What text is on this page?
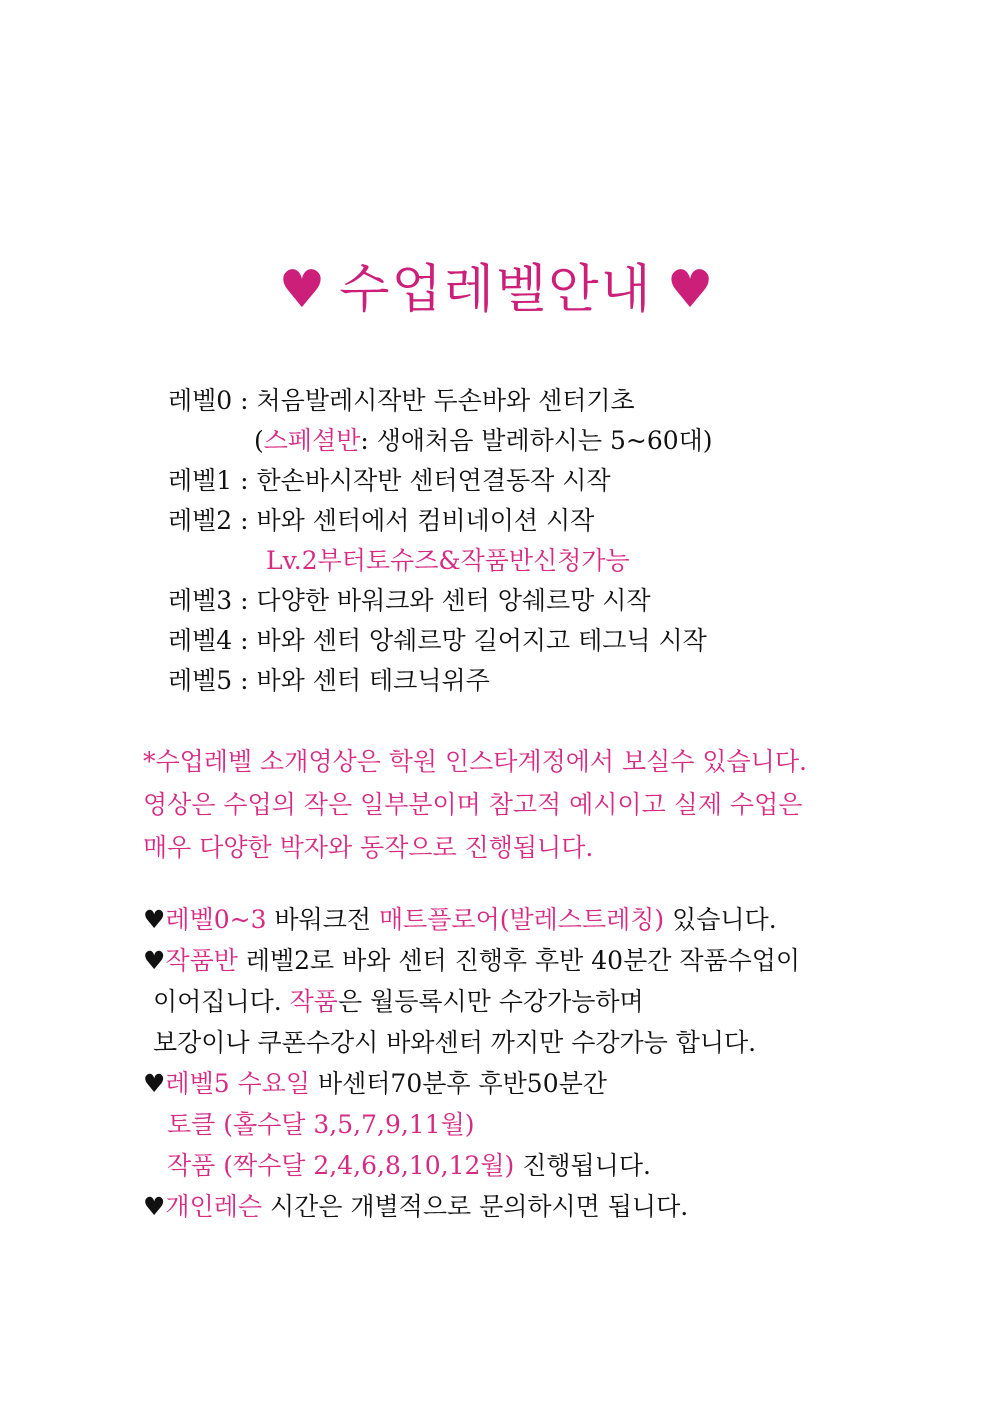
♥ 수업레벨안내 ♥
레벨0 : 처음발레시작반 두손바와 센터기초
(스페셜반: 생애처음 발레하시는 5~60대)
레벨1 : 한손바시작반 센터연결동작 시작
레벨2 : 바와 센터에서 컴비네이션 시작
Lv.2부터토슈즈&작품반신청가능
레벨3 : 다양한 바워크와 센터 앙쉐르망 시작
레벨4 : 바와 센터 앙쉐르망 길어지고 테그닉 시작
레벨5 : 바와 센터 테크닉위주
*수업레벨 소개영상은 학원 인스타계정에서 보실수 있습니다.
영상은 수업의 작은 일부분이며 참고적 예시이고 실제 수업은
매우 다양한 박자와 동작으로 진행됩니다.
♥레벨0~3 바워크전 매트플로어(발레스트레칭) 있습니다.
♥작품반 레벨2로 바와 센터 진행후 후반 40분간 작품수업이
이어집니다. 작품은 월등록시만 수강가능하며
보강이나 쿠폰수강시 바와센터 까지만 수강가능 합니다.
♥레벨5 수요일 바센터70분후 후반50분간
토클 (홀수달 3,5,7,9,11월)
작품 (짝수달 2,4,6,8,10,12월) 진행됩니다.
♥개인레슨 시간은 개별적으로 문의하시면 됩니다.
